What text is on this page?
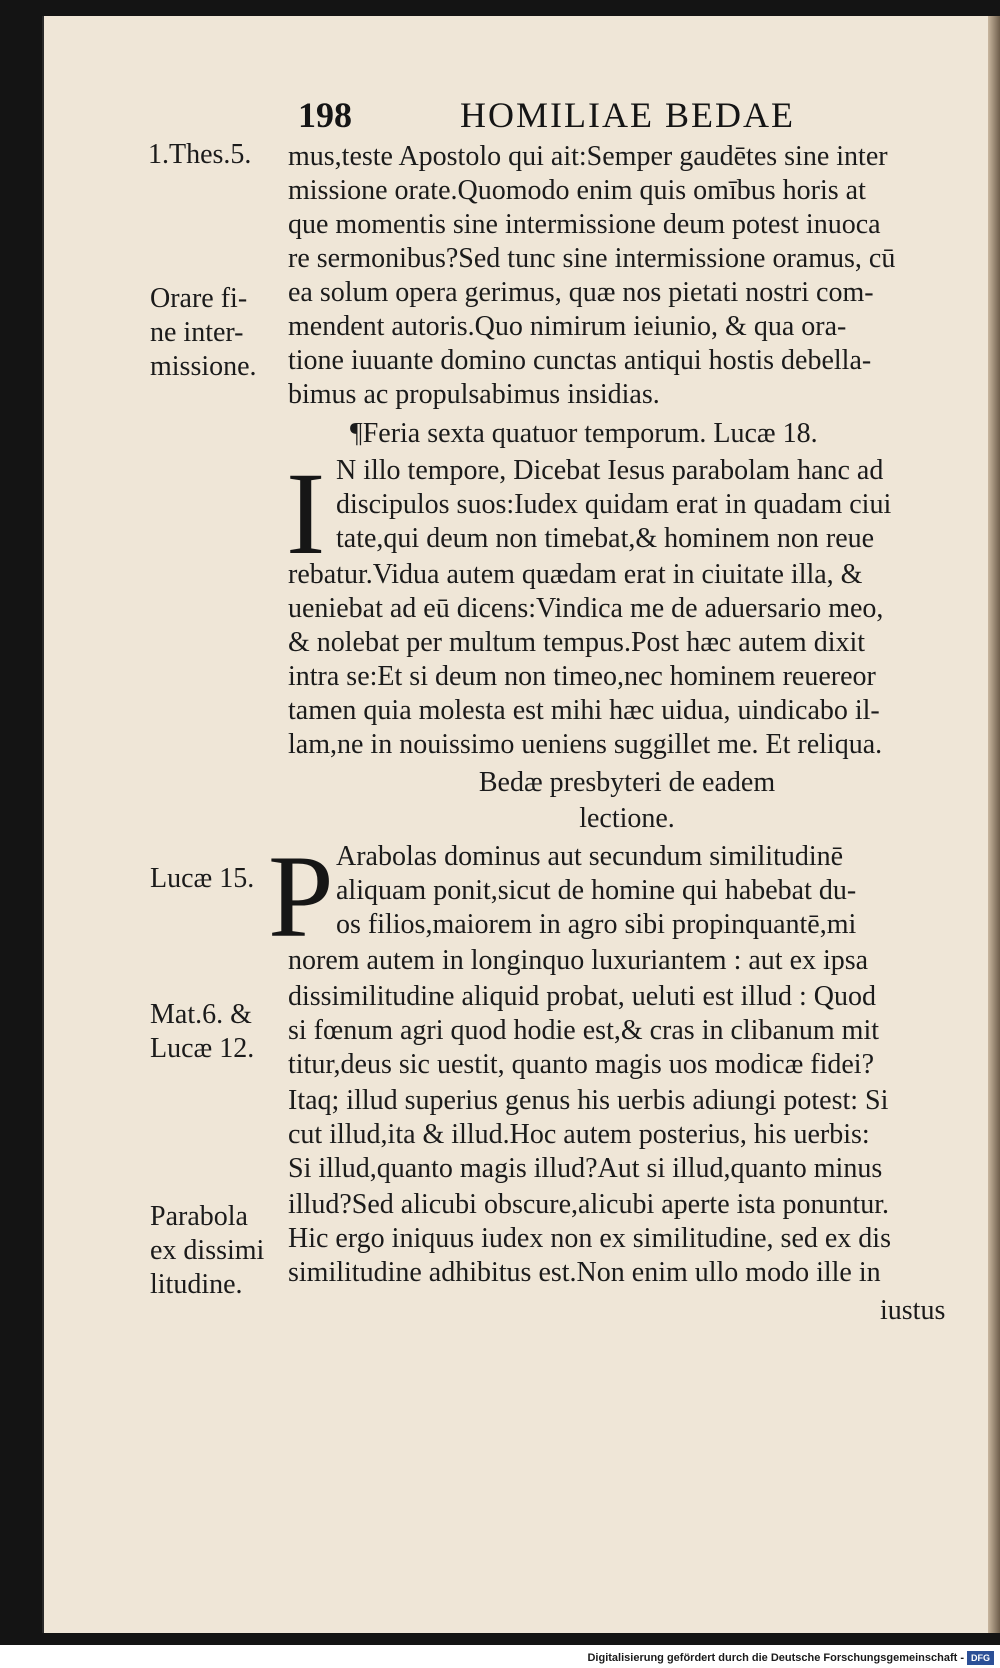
198	HOMILIAE BEDAE
1.Thes.5.
Orare fi-
ne inter-
missione.
Lucæ 15.
Mat.6. &
Lucæ 12.
Parabola
ex dissimi
litudine.
mus,teste Apostolo qui ait:Semper gaudētes sine inter
missione orate.Quomodo enim quis omībus horis at
que momentis sine intermissione deum potest inuoca
re sermonibus?Sed tunc sine intermissione oramus, cū
ea solum opera gerimus, quæ nos pietati nostri com-
mendent autoris.Quo nimirum ieiunio, & qua ora-
tione iuuante domino cunctas antiqui hostis debella-
bimus ac propulsabimus insidias.
¶Feria sexta quatuor temporum. Lucæ 18.
I N illo tempore, Dicebat Iesus parabolam hanc ad
discipulos suos:Iudex quidam erat in quadam ciui
tate,qui deum non timebat,& hominem non reue
rebatur.Vidua autem quædam erat in ciuitate illa, &
ueniebat ad eū dicens:Vindica me de aduersario meo,
& nolebat per multum tempus.Post hæc autem dixit
intra se:Et si deum non timeo,nec hominem reuereor
tamen quia molesta est mihi hæc uidua, uindicabo il-
lam,ne in nouissimo ueniens suggillet me. Et reliqua.
Bedæ presbyteri de eadem
lectione.
P Arabolas dominus aut secundum similitudinē
aliquam ponit,sicut de homine qui habebat du-
os filios,maiorem in agro sibi propinquantē,mi
norem autem in longinquo luxuriantem : aut ex ipsa
dissimilitudine aliquid probat, ueluti est illud : Quod
si fœnum agri quod hodie est,& cras in clibanum mit
titur,deus sic uestit, quanto magis uos modicæ fidei?
Itaq; illud superius genus his uerbis adiungi potest: Si
cut illud,ita & illud.Hoc autem posterius, his uerbis:
Si illud,quanto magis illud?Aut si illud,quanto minus
illud?Sed alicubi obscure,alicubi aperte ista ponuntur.
Hic ergo iniquus iudex non ex similitudine, sed ex dis
similitudine adhibitus est.Non enim ullo modo ille in
iustus
Digitalisierung gefördert durch die Deutsche Forschungsgemeinschaft - DFG
